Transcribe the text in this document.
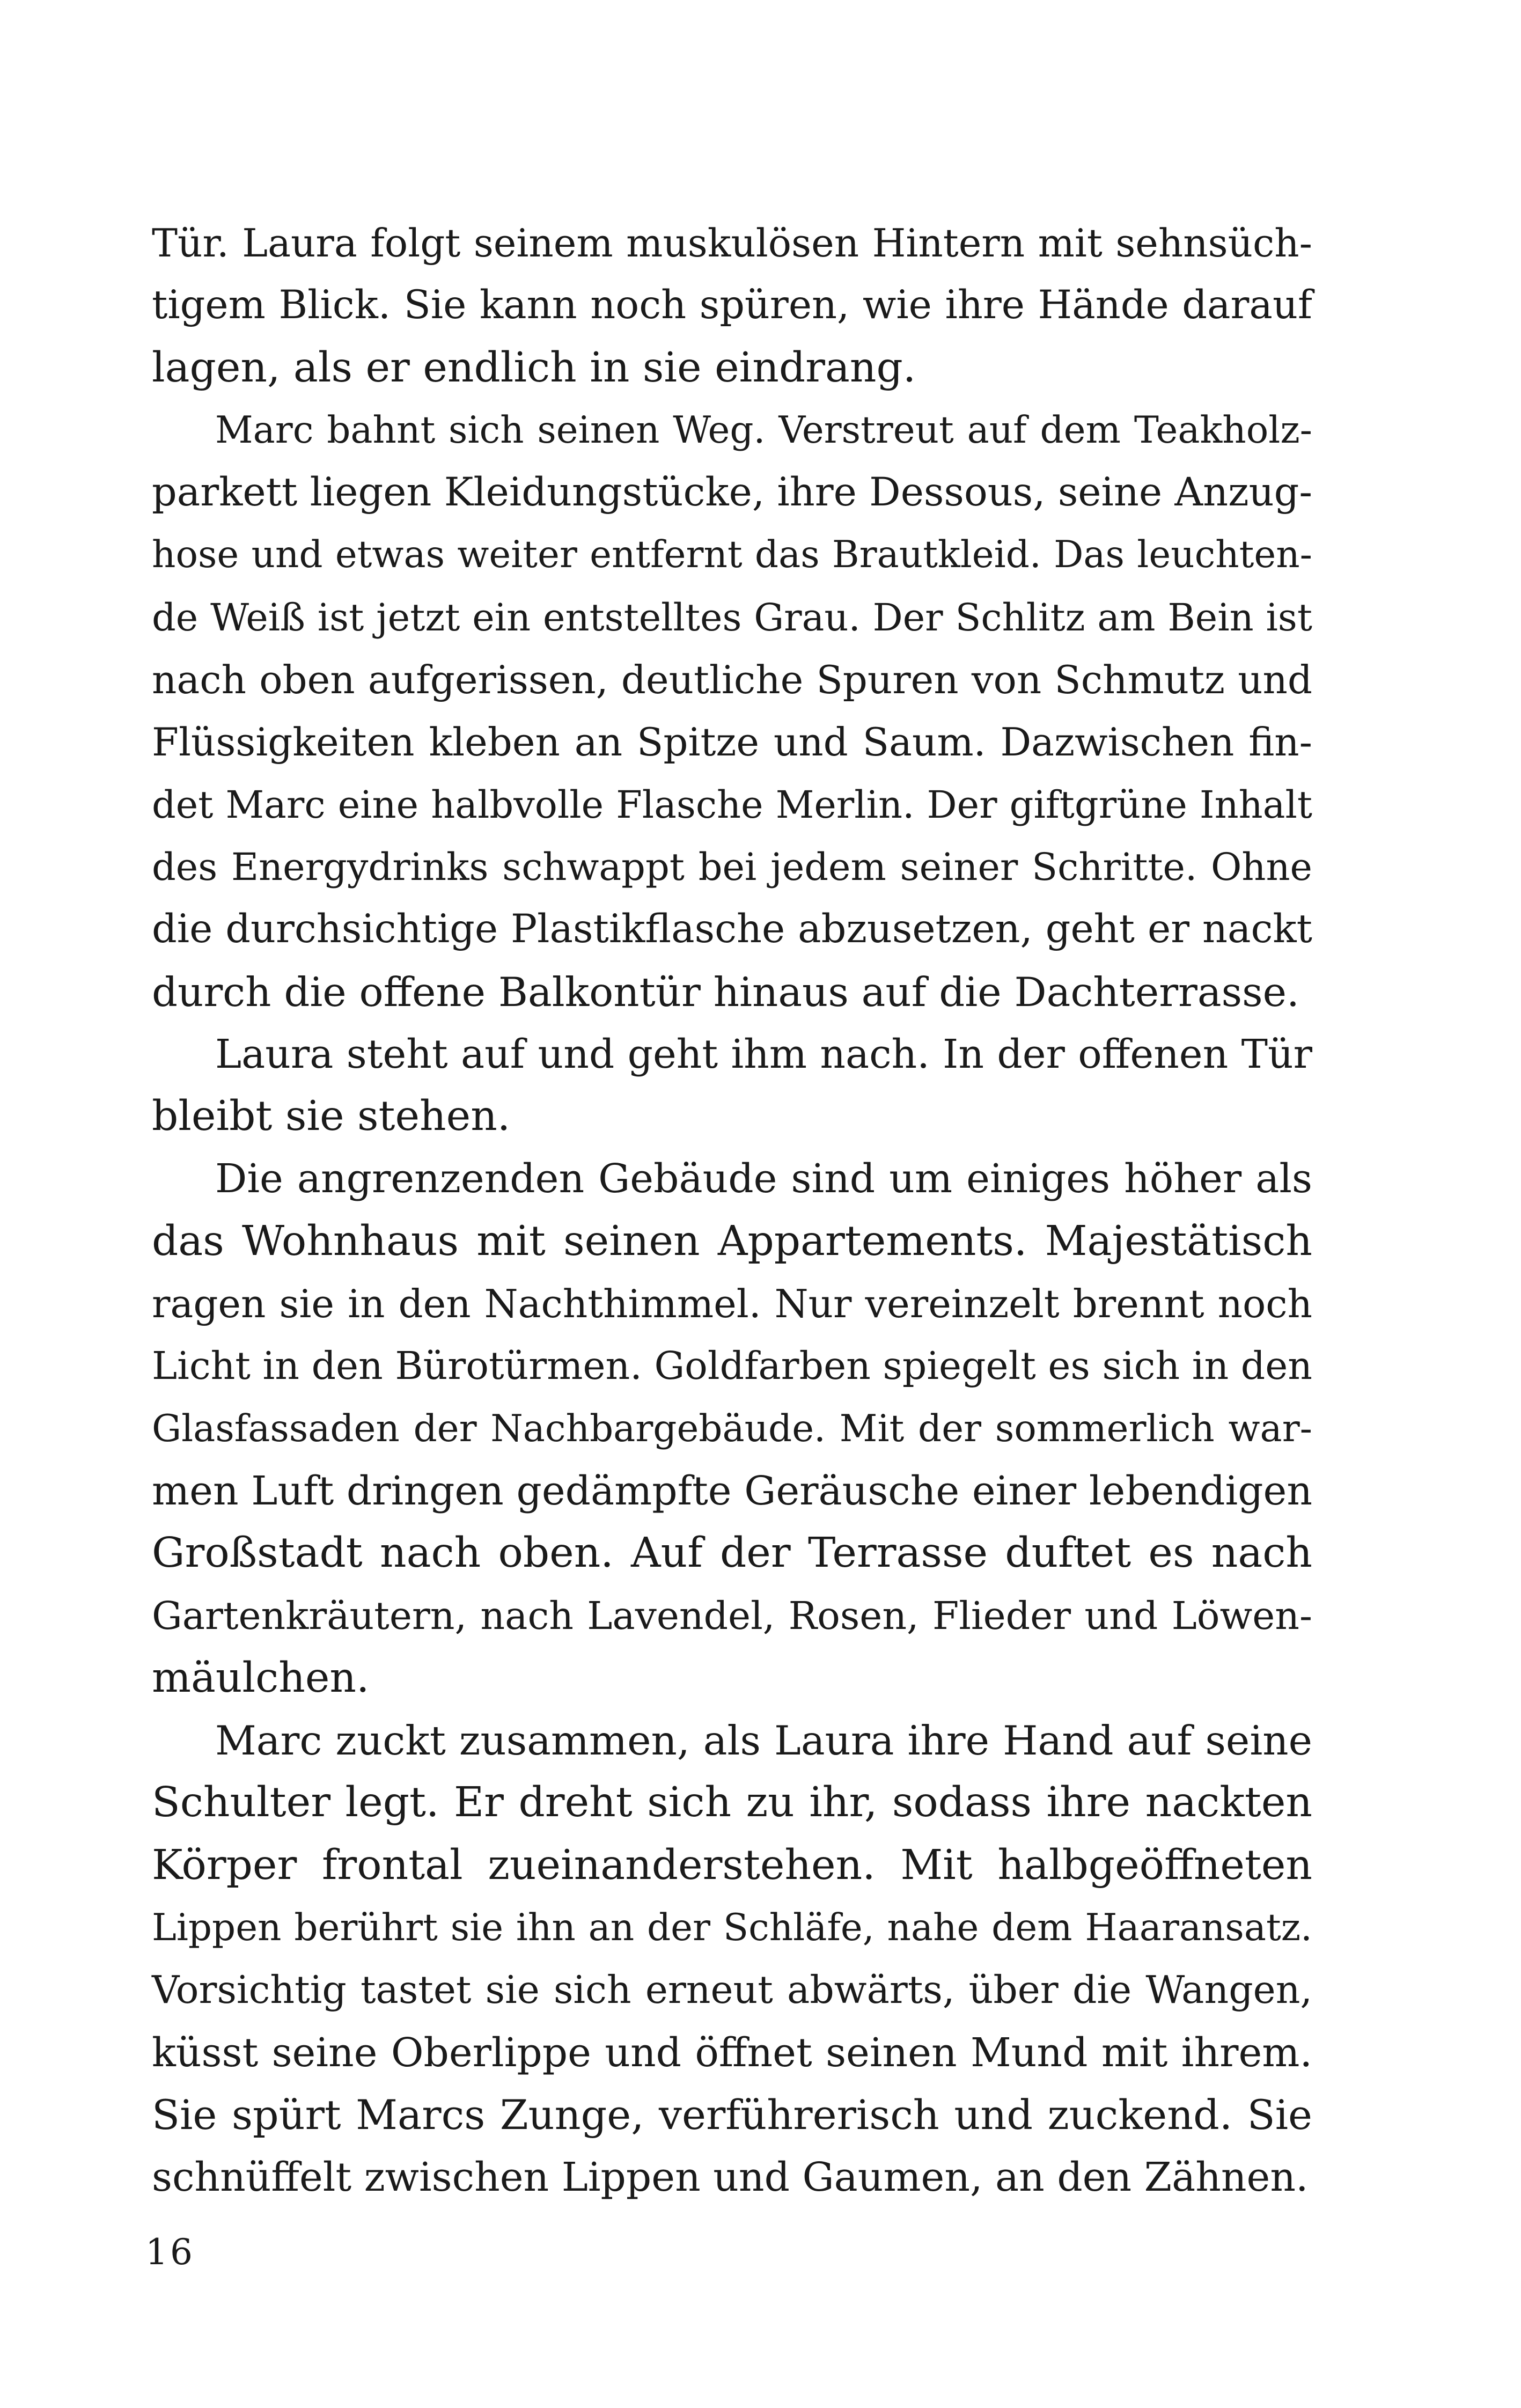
Tür. Laura folgt seinem muskulösen Hintern mit sehnsüch-
tigem Blick. Sie kann noch spüren, wie ihre Hände darauf
lagen, als er endlich in sie eindrang.
Marc bahnt sich seinen Weg. Verstreut auf dem Teakholz-
parkett liegen Kleidungstücke, ihre Dessous, seine Anzug-
hose und etwas weiter entfernt das Brautkleid. Das leuchten-
de Weiß ist jetzt ein entstelltes Grau. Der Schlitz am Bein ist
nach oben aufgerissen, deutliche Spuren von Schmutz und
Flüssigkeiten kleben an Spitze und Saum. Dazwischen fin-
det Marc eine halbvolle Flasche Merlin. Der giftgrüne Inhalt
des Energydrinks schwappt bei jedem seiner Schritte. Ohne
die durchsichtige Plastikflasche abzusetzen, geht er nackt
durch die offene Balkontür hinaus auf die Dachterrasse.
Laura steht auf und geht ihm nach. In der offenen Tür
bleibt sie stehen.
Die angrenzenden Gebäude sind um einiges höher als
das Wohnhaus mit seinen Appartements. Majestätisch
ragen sie in den Nachthimmel. Nur vereinzelt brennt noch
Licht in den Bürotürmen. Goldfarben spiegelt es sich in den
Glasfassaden der Nachbargebäude. Mit der sommerlich war-
men Luft dringen gedämpfte Geräusche einer lebendigen
Großstadt nach oben. Auf der Terrasse duftet es nach
Gartenkräutern, nach Lavendel, Rosen, Flieder und Löwen-
mäulchen.
Marc zuckt zusammen, als Laura ihre Hand auf seine
Schulter legt. Er dreht sich zu ihr, sodass ihre nackten
Körper frontal zueinanderstehen. Mit halbgeöffneten
Lippen berührt sie ihn an der Schläfe, nahe dem Haaransatz.
Vorsichtig tastet sie sich erneut abwärts, über die Wangen,
küsst seine Oberlippe und öffnet seinen Mund mit ihrem.
Sie spürt Marcs Zunge, verführerisch und zuckend. Sie
schnüffelt zwischen Lippen und Gaumen, an den Zähnen.
16
